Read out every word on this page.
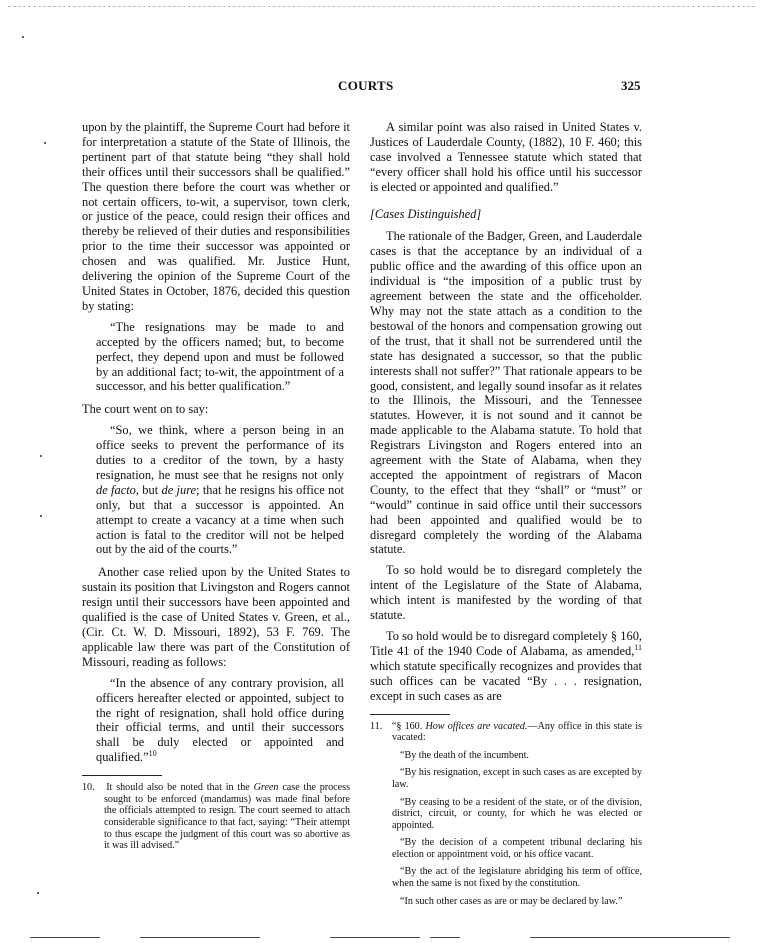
COURTS	325

upon by the plaintiff, the Supreme Court had before it for interpretation a statute of the State of Illinois, the pertinent part of that statute being “they shall hold their offices until their successors shall be qualified.” The question there before the court was whether or not certain officers, to-wit, a supervisor, town clerk, or justice of the peace, could resign their offices and thereby be relieved of their duties and responsibilities prior to the time their successor was appointed or chosen and was qualified. Mr. Justice Hunt, delivering the opinion of the Supreme Court of the United States in October, 1876, decided this question by stating:

“The resignations may be made to and accepted by the officers named; but, to become perfect, they depend upon and must be followed by an additional fact; to-wit, the appointment of a successor, and his better qualification.”

The court went on to say:

“So, we think, where a person being in an office seeks to prevent the performance of its duties to a creditor of the town, by a hasty resignation, he must see that he resigns not only de facto, but de jure; that he resigns his office not only, but that a successor is appointed. An attempt to create a vacancy at a time when such action is fatal to the creditor will not be helped out by the aid of the courts.”

Another case relied upon by the United States to sustain its position that Livingston and Rogers cannot resign until their successors have been appointed and qualified is the case of United States v. Green, et al., (Cir. Ct. W. D. Missouri, 1892), 53 F. 769. The applicable law there was part of the Constitution of Missouri, reading as follows:

“In the absence of any contrary provision, all officers hereafter elected or appointed, subject to the right of resignation, shall hold office during their official terms, and until their successors shall be duly elected or appointed and qualified.”$^{10}$

10. It should also be noted that in the Green case the process sought to be enforced (mandamus) was made final before the officials attempted to resign. The court seemed to attach considerable significance to that fact, saying: “Their attempt to thus escape the judgment of this court was so abortive as it was ill advised.”

A similar point was also raised in United States v. Justices of Lauderdale County, (1882), 10 F. 460; this case involved a Tennessee statute which stated that “every officer shall hold his office until his successor is elected or appointed and qualified.”

[Cases Distinguished]

The rationale of the Badger, Green, and Lauderdale cases is that the acceptance by an individual of a public office and the awarding of this office upon an individual is “the imposition of a public trust by agreement between the state and the officeholder. Why may not the state attach as a condition to the bestowal of the honors and compensation growing out of the trust, that it shall not be surrendered until the state has designated a successor, so that the public interests shall not suffer?” That rationale appears to be good, consistent, and legally sound insofar as it relates to the Illinois, the Missouri, and the Tennessee statutes. However, it is not sound and it cannot be made applicable to the Alabama statute. To hold that Registrars Livingston and Rogers entered into an agreement with the State of Alabama, when they accepted the appointment of registrars of Macon County, to the effect that they “shall” or “must” or “would” continue in said office until their successors had been appointed and qualified would be to disregard completely the wording of the Alabama statute.

To so hold would be to disregard completely the intent of the Legislature of the State of Alabama, which intent is manifested by the wording of that statute.

To so hold would be to disregard completely § 160, Title 41 of the 1940 Code of Alabama, as amended,$^{11}$ which statute specifically recognizes and provides that such offices can be vacated “By . . . resignation, except in such cases as are

11. “§ 160. How offices are vacated.—Any office in this state is vacated:

“By the death of the incumbent.

“By his resignation, except in such cases as are excepted by law.

“By ceasing to be a resident of the state, or of the division, district, circuit, or county, for which he was elected or appointed.

“By the decision of a competent tribunal declaring his election or appointment void, or his office vacant.

“By the act of the legislature abridging his term of office, when the same is not fixed by the constitution.

“In such other cases as are or may be declared by law.”
